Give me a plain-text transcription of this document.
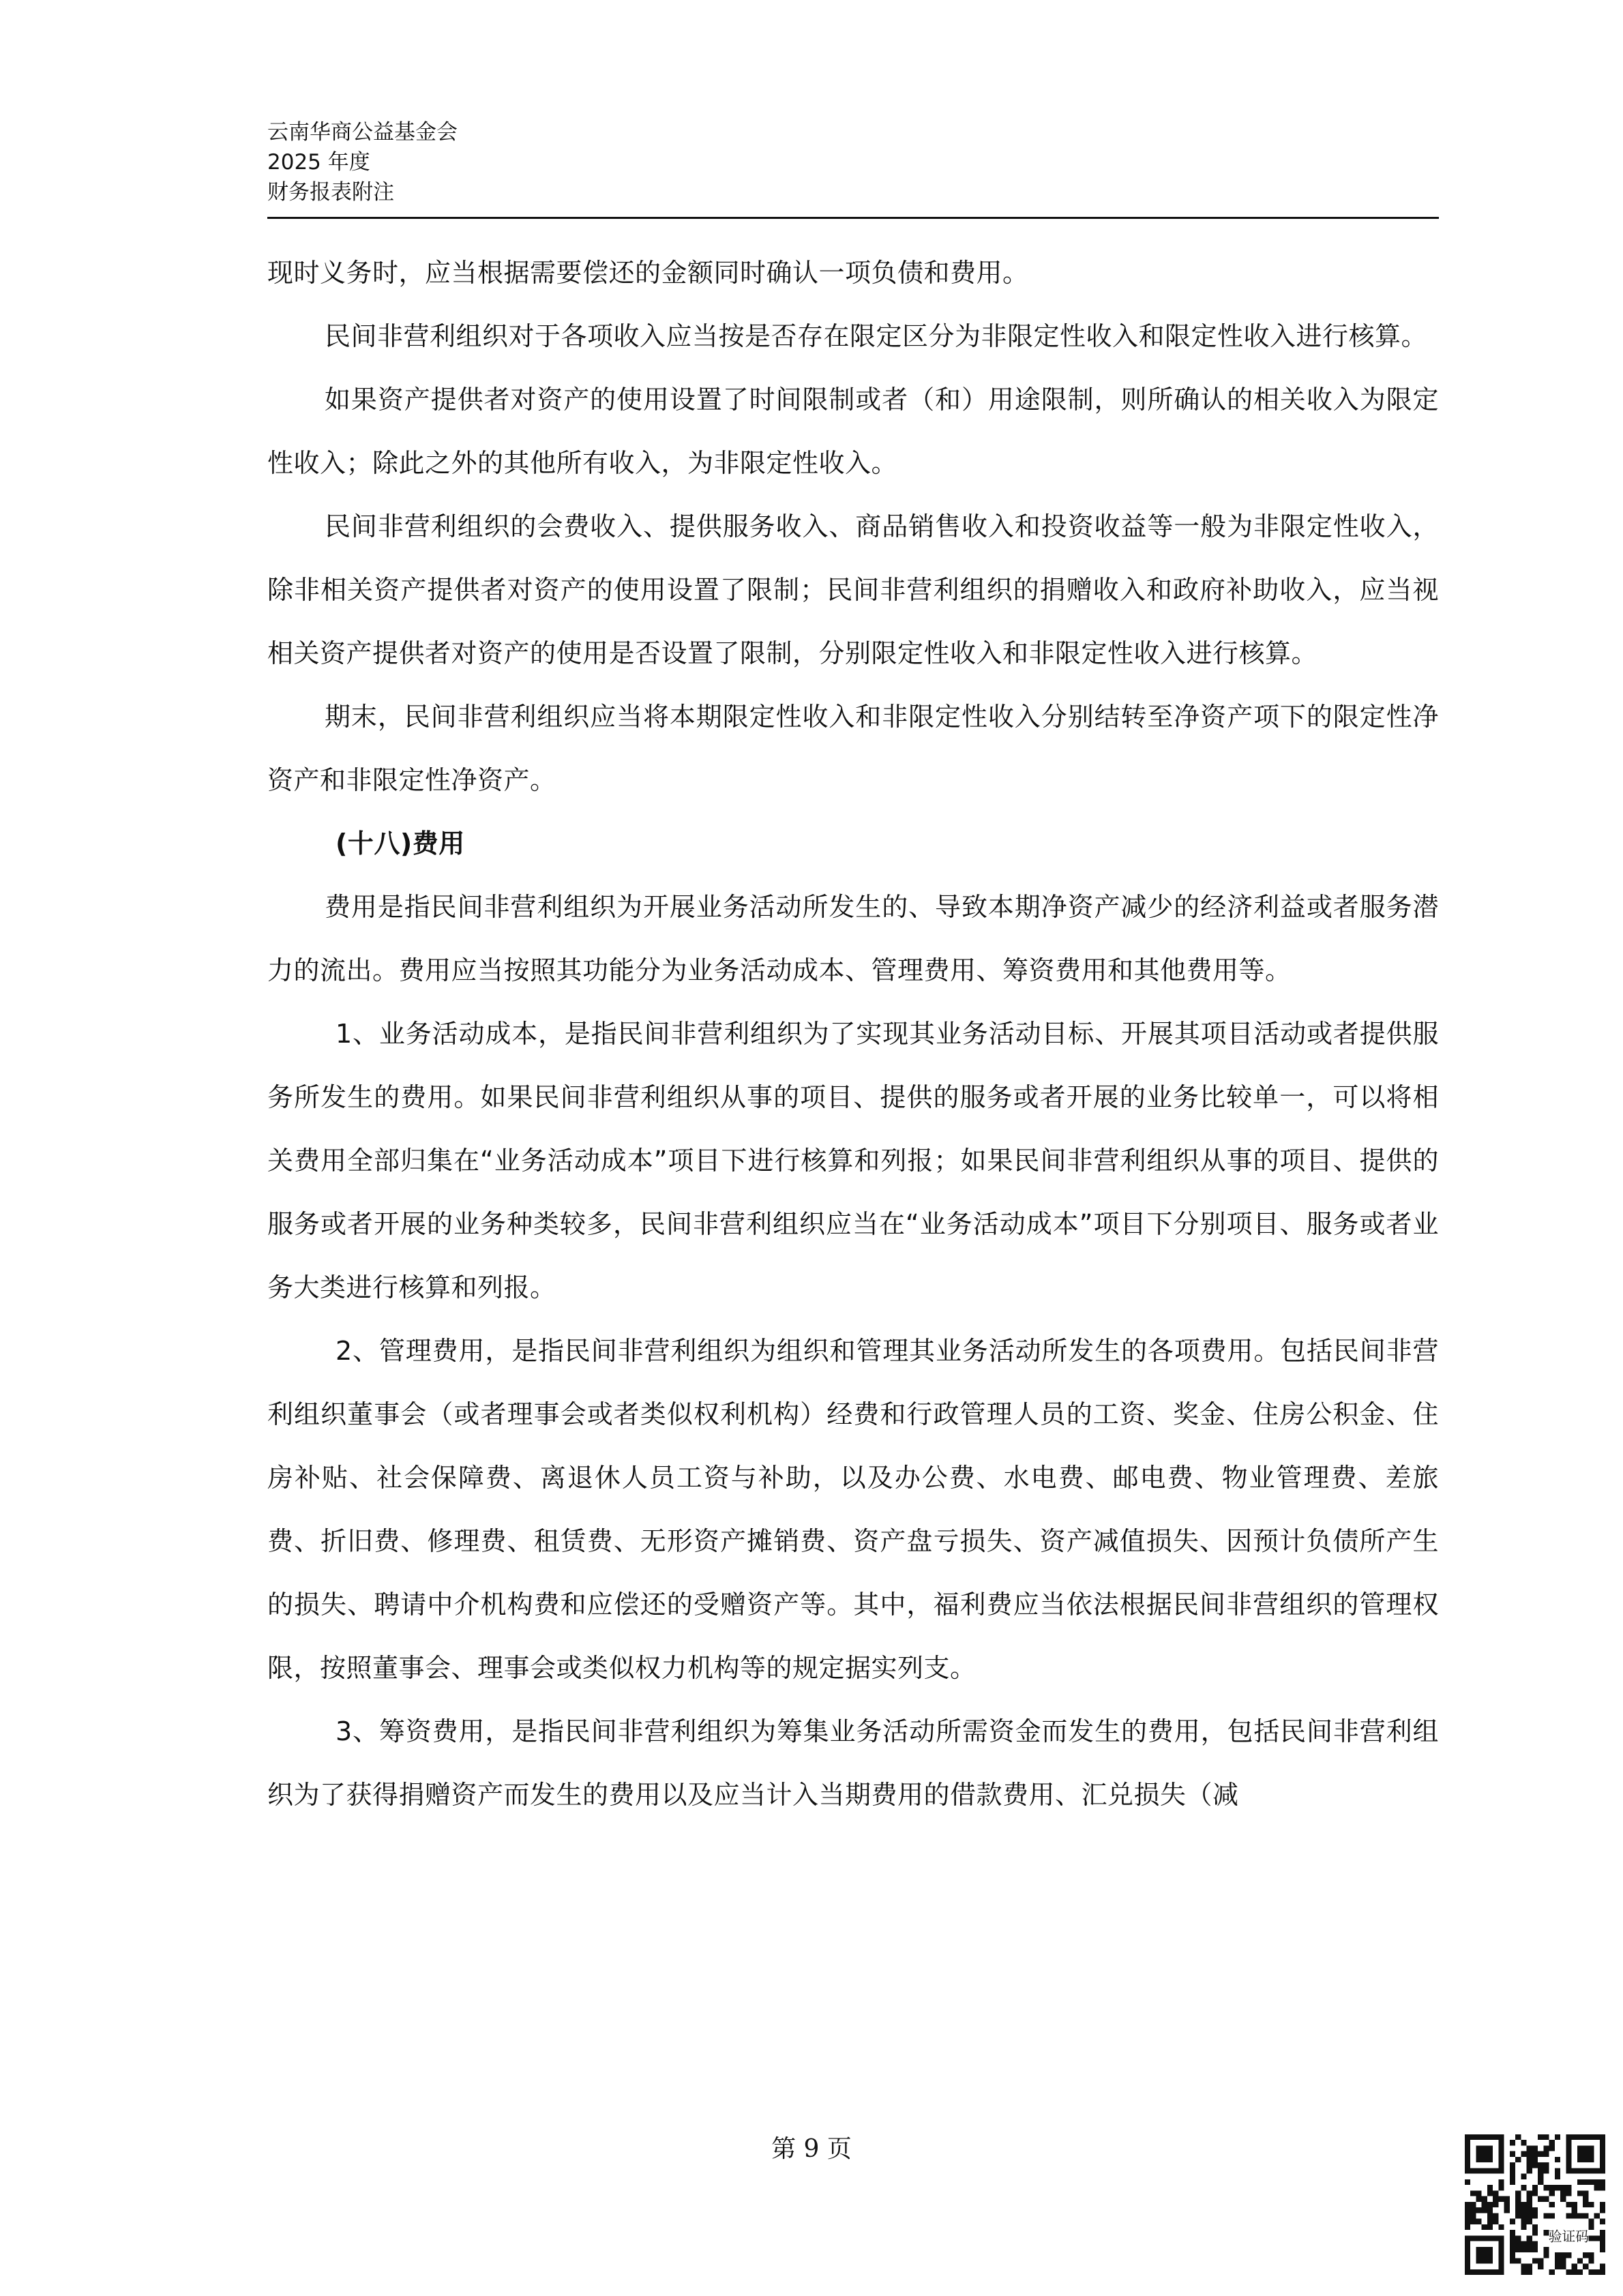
云南华商公益基金会
2025 年度
财务报表附注

现时义务时，应当根据需要偿还的金额同时确认一项负债和费用。

民间非营利组织对于各项收入应当按是否存在限定区分为非限定性收入和限定性收入进行核算。

如果资产提供者对资产的使用设置了时间限制或者（和）用途限制，则所确认的相关收入为限定性收入；除此之外的其他所有收入，为非限定性收入。

民间非营利组织的会费收入、提供服务收入、商品销售收入和投资收益等一般为非限定性收入，除非相关资产提供者对资产的使用设置了限制；民间非营利组织的捐赠收入和政府补助收入，应当视相关资产提供者对资产的使用是否设置了限制，分别限定性收入和非限定性收入进行核算。

期末，民间非营利组织应当将本期限定性收入和非限定性收入分别结转至净资产项下的限定性净资产和非限定性净资产。

(十八)费用

费用是指民间非营利组织为开展业务活动所发生的、导致本期净资产减少的经济利益或者服务潜力的流出。费用应当按照其功能分为业务活动成本、管理费用、筹资费用和其他费用等。

1、业务活动成本，是指民间非营利组织为了实现其业务活动目标、开展其项目活动或者提供服务所发生的费用。如果民间非营利组织从事的项目、提供的服务或者开展的业务比较单一，可以将相关费用全部归集在“业务活动成本”项目下进行核算和列报；如果民间非营利组织从事的项目、提供的服务或者开展的业务种类较多，民间非营利组织应当在“业务活动成本”项目下分别项目、服务或者业务大类进行核算和列报。

2、管理费用，是指民间非营利组织为组织和管理其业务活动所发生的各项费用。包括民间非营利组织董事会（或者理事会或者类似权利机构）经费和行政管理人员的工资、奖金、住房公积金、住房补贴、社会保障费、离退休人员工资与补助，以及办公费、水电费、邮电费、物业管理费、差旅费、折旧费、修理费、租赁费、无形资产摊销费、资产盘亏损失、资产减值损失、因预计负债所产生的损失、聘请中介机构费和应偿还的受赠资产等。其中，福利费应当依法根据民间非营组织的管理权限，按照董事会、理事会或类似权力机构等的规定据实列支。

3、筹资费用，是指民间非营利组织为筹集业务活动所需资金而发生的费用，包括民间非营利组织为了获得捐赠资产而发生的费用以及应当计入当期费用的借款费用、汇兑损失（减

第 9 页
验证码
